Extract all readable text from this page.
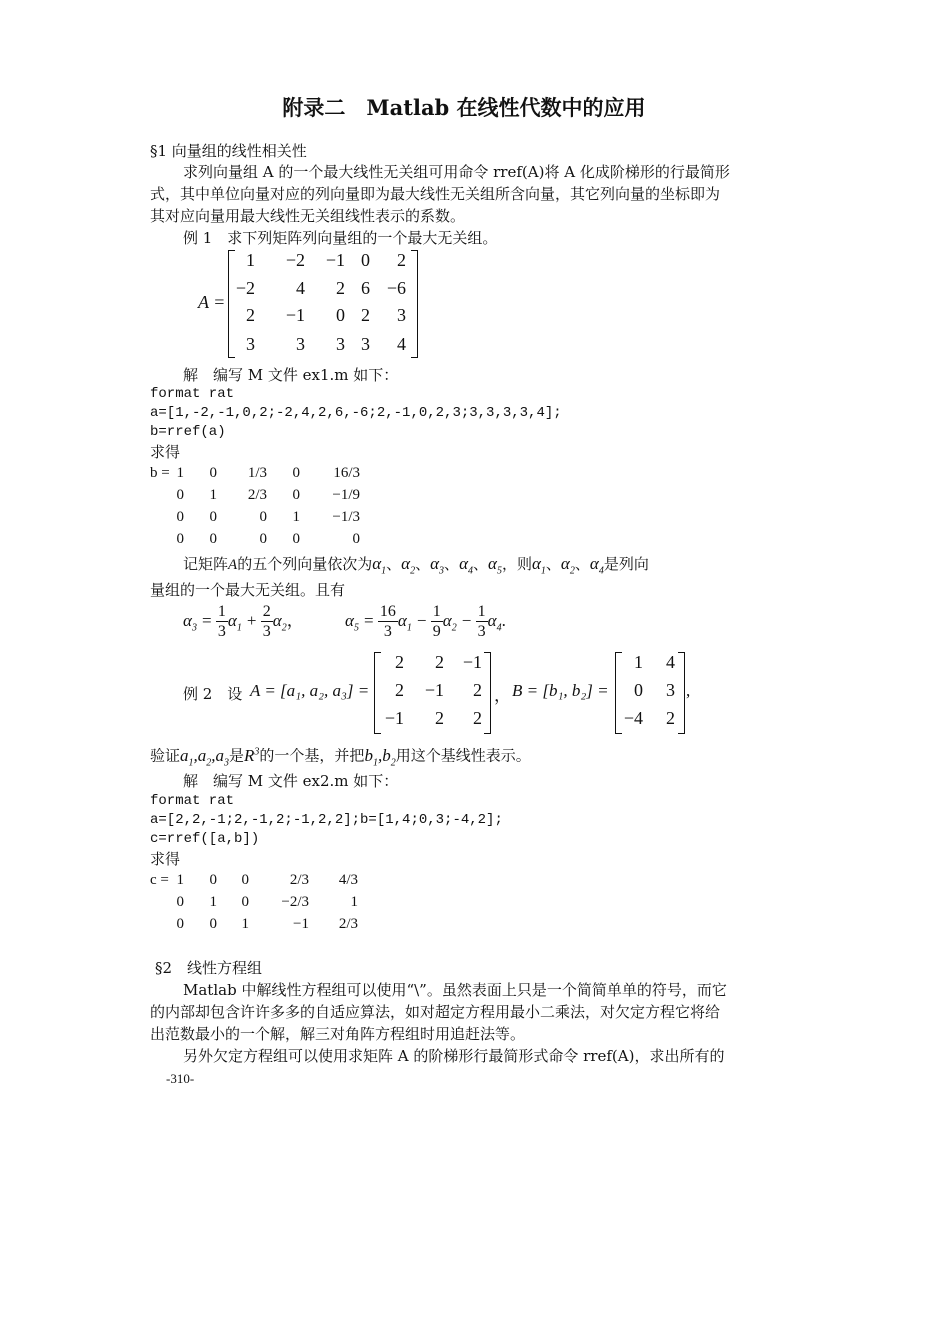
附录二　Matlab 在线性代数中的应用
§1 向量组的线性相关性
求列向量组 A 的一个最大线性无关组可用命令 rref(A)将 A 化成阶梯形的行最简形
式，其中单位向量对应的列向量即为最大线性无关组所含向量，其它列向量的坐标即为
其对应向量用最大线性无关组线性表示的系数。
例 1　求下列矩阵列向量组的一个最大无关组。
A =
1 −2 −1 0 2
−2 4 2 6 −6
2 −1 0 2 3
3 3 3 3 4
解　编写 M 文件 ex1.m 如下：
format rat
a=[1,-2,-1,0,2;-2,4,2,6,-6;2,-1,0,2,3;3,3,3,3,4];
b=rref(a)
求得
b = 1	0	1/3	0	16/3
0	1	2/3	0	−1/9
0	0	0	1	−1/3
0	0	0	0	0
记矩阵A的五个列向量依次为$\alpha_1$、$\alpha_2$、$\alpha_3$、$\alpha_4$、$\alpha_5$，则$\alpha_1$、$\alpha_2$、$\alpha_4$是列向
量组的一个最大无关组。且有
$\alpha_3 = \frac{1}{3} \alpha_1 + \frac{2}{3} \alpha_2$， $\alpha_5 = \frac{16}{3} \alpha_1 - \frac{1}{9} \alpha_2 - \frac{1}{3} \alpha_4$.
例 2　设 A = [a₁, a₂, a₃] =
2 2 −1
2 −1 2
−1 2 2
， B = [b₁, b₂] =
1 4
0 3
−4 2
,
验证$a_1,a_2,a_3$是$R^3$的一个基，并把$b_1,b_2$用这个基线性表示。
解　编写 M 文件 ex2.m 如下：
format rat
a=[2,2,-1;2,-1,2;-1,2,2];b=[1,4;0,3;-4,2];
c=rref([a,b])
求得
c = 1	0	0	2/3	4/3
0	1	0	−2/3	1
0	0	1	−1	2/3
§2　线性方程组
Matlab 中解线性方程组可以使用“\”。虽然表面上只是一个简简单单的符号，而它
的内部却包含许许多多的自适应算法，如对超定方程用最小二乘法，对欠定方程它将给
出范数最小的一个解，解三对角阵方程组时用追赶法等。
另外欠定方程组可以使用求矩阵 A 的阶梯形行最简形式命令 rref(A)，求出所有的
-310-
